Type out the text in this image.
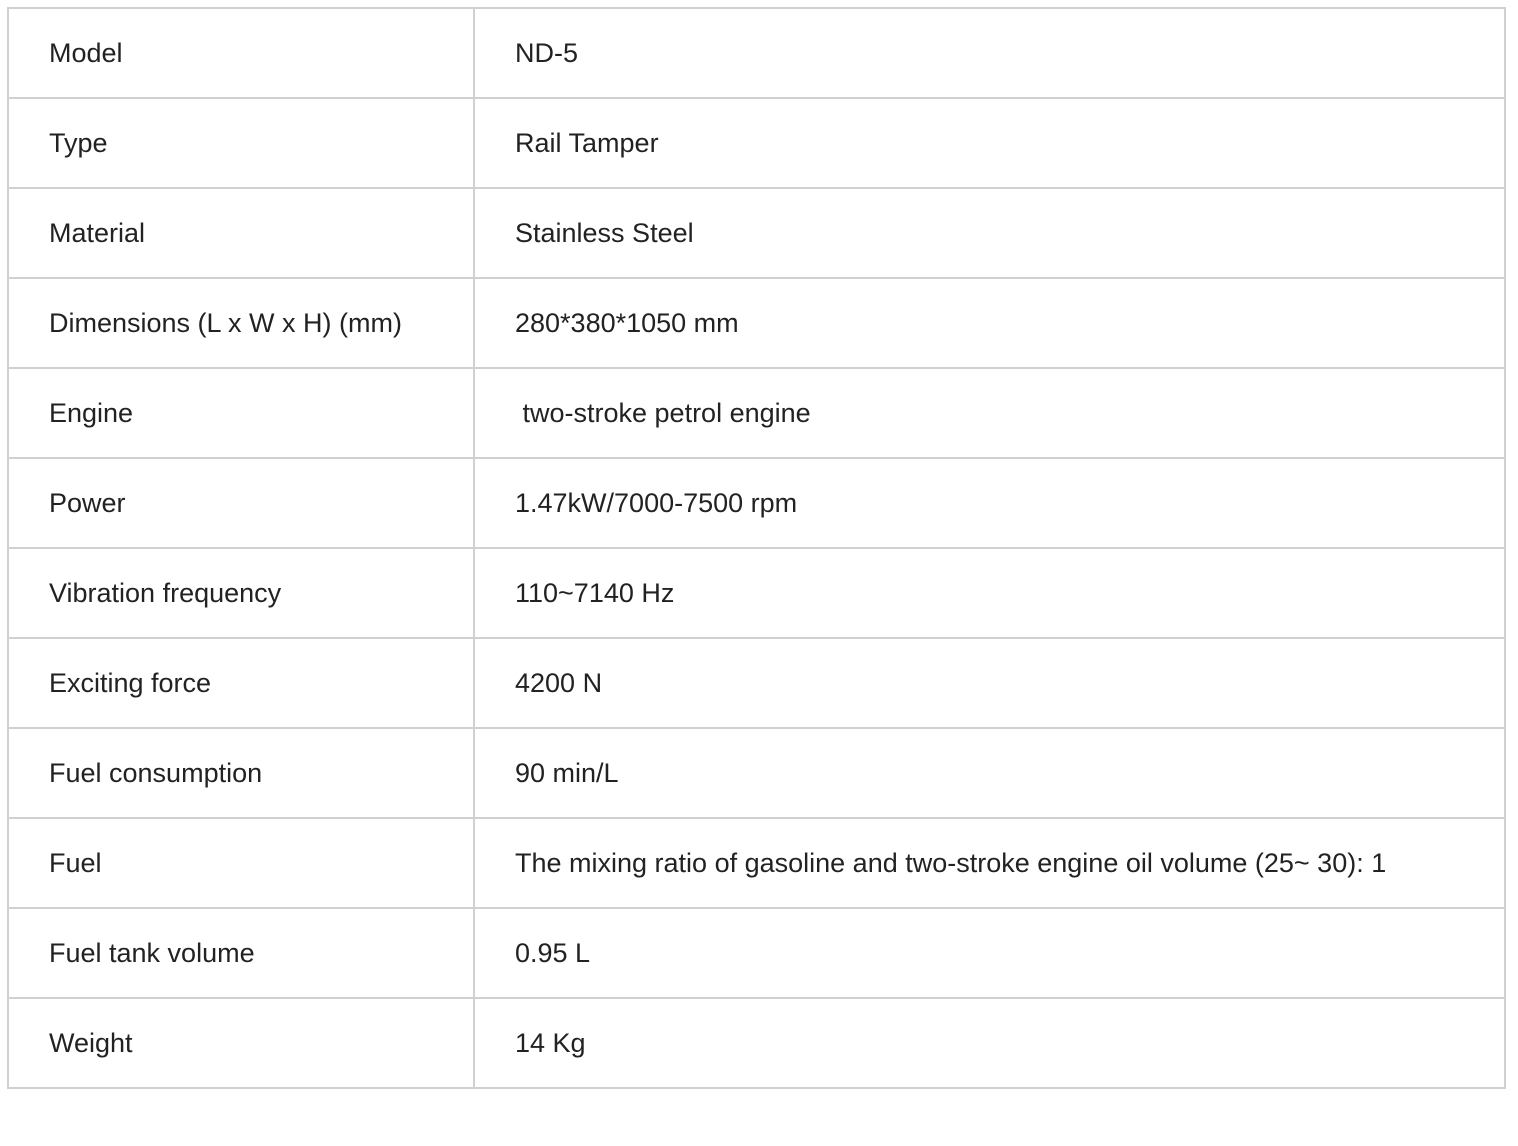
Model	ND-5
Type	Rail Tamper
Material	Stainless Steel
Dimensions (L x W x H) (mm)	280*380*1050 mm
Engine	two-stroke petrol engine
Power	1.47kW/7000-7500 rpm
Vibration frequency	110~7140 Hz
Exciting force	4200 N
Fuel consumption	90 min/L
Fuel	The mixing ratio of gasoline and two-stroke engine oil volume (25~ 30): 1
Fuel tank volume	0.95 L
Weight	14 Kg
